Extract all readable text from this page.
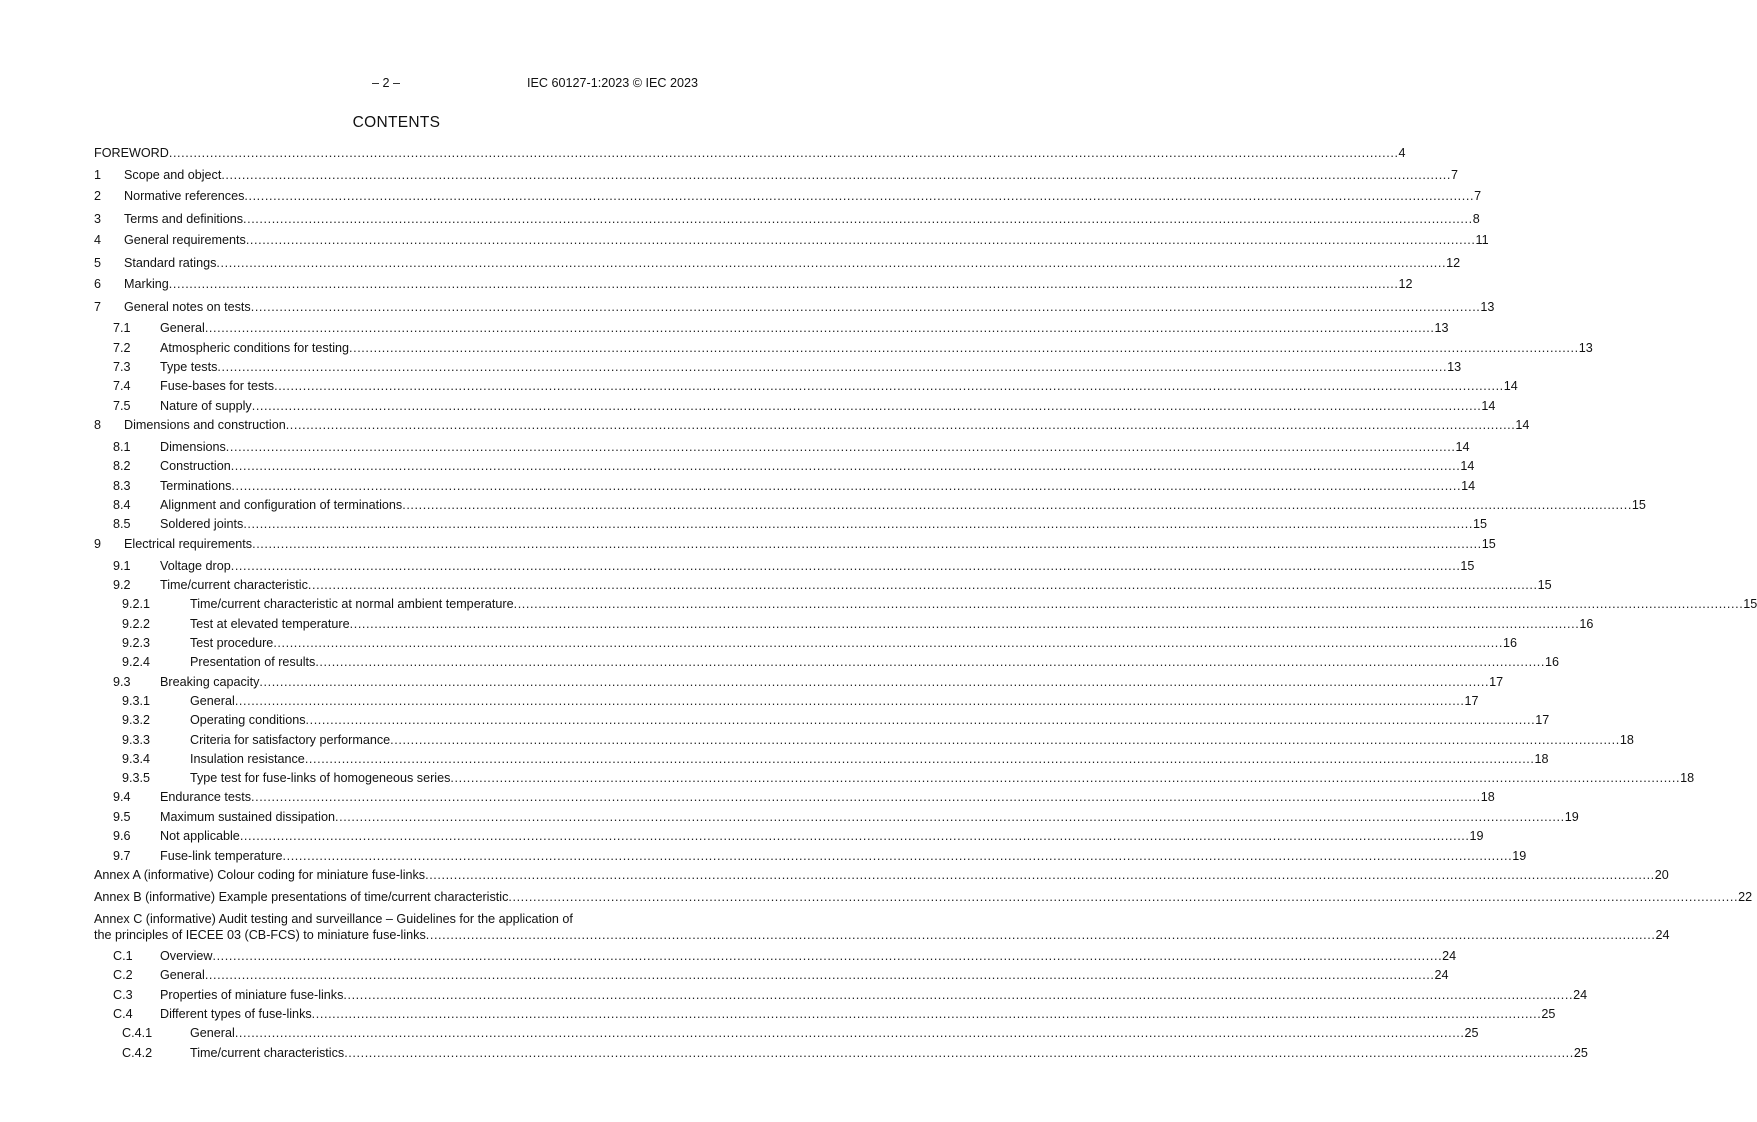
– 2 –	IEC 60127-1:2023 © IEC 2023
CONTENTS
FOREWORD ............................................................................................................................................................................................................................................................................................................ 4
1	Scope and object ............................................................................................................................................................................................................................................................................................................ 7
2	Normative references ............................................................................................................................................................................................................................................................................................................ 7
3	Terms and definitions ............................................................................................................................................................................................................................................................................................................ 8
4	General requirements ............................................................................................................................................................................................................................................................................................................ 11
5	Standard ratings ............................................................................................................................................................................................................................................................................................................ 12
6	Marking ............................................................................................................................................................................................................................................................................................................ 12
7	General notes on tests ............................................................................................................................................................................................................................................................................................................ 13
7.1	General ............................................................................................................................................................................................................................................................................................................ 13
7.2	Atmospheric conditions for testing ............................................................................................................................................................................................................................................................................................................ 13
7.3	Type tests ............................................................................................................................................................................................................................................................................................................ 13
7.4	Fuse-bases for tests ............................................................................................................................................................................................................................................................................................................ 14
7.5	Nature of supply ............................................................................................................................................................................................................................................................................................................ 14
8	Dimensions and construction ............................................................................................................................................................................................................................................................................................................ 14
8.1	Dimensions ............................................................................................................................................................................................................................................................................................................ 14
8.2	Construction ............................................................................................................................................................................................................................................................................................................ 14
8.3	Terminations ............................................................................................................................................................................................................................................................................................................ 14
8.4	Alignment and configuration of terminations ............................................................................................................................................................................................................................................................................................................ 15
8.5	Soldered joints ............................................................................................................................................................................................................................................................................................................ 15
9	Electrical requirements ............................................................................................................................................................................................................................................................................................................ 15
9.1	Voltage drop ............................................................................................................................................................................................................................................................................................................ 15
9.2	Time/current characteristic ............................................................................................................................................................................................................................................................................................................ 15
9.2.1	Time/current characteristic at normal ambient temperature ............................................................................................................................................................................................................................................................................................................ 15
9.2.2	Test at elevated temperature ............................................................................................................................................................................................................................................................................................................ 16
9.2.3	Test procedure ............................................................................................................................................................................................................................................................................................................ 16
9.2.4	Presentation of results ............................................................................................................................................................................................................................................................................................................ 16
9.3	Breaking capacity ............................................................................................................................................................................................................................................................................................................ 17
9.3.1	General ............................................................................................................................................................................................................................................................................................................ 17
9.3.2	Operating conditions ............................................................................................................................................................................................................................................................................................................ 17
9.3.3	Criteria for satisfactory performance ............................................................................................................................................................................................................................................................................................................ 18
9.3.4	Insulation resistance ............................................................................................................................................................................................................................................................................................................ 18
9.3.5	Type test for fuse-links of homogeneous series ............................................................................................................................................................................................................................................................................................................ 18
9.4	Endurance tests ............................................................................................................................................................................................................................................................................................................ 18
9.5	Maximum sustained dissipation ............................................................................................................................................................................................................................................................................................................ 19
9.6	Not applicable ............................................................................................................................................................................................................................................................................................................ 19
9.7	Fuse-link temperature ............................................................................................................................................................................................................................................................................................................ 19
Annex A (informative) Colour coding for miniature fuse-links ............................................................................................................................................................................................................................................................................................................ 20
Annex B (informative) Example presentations of time/current characteristic ............................................................................................................................................................................................................................................................................................................ 22
Annex C (informative) Audit testing and surveillance – Guidelines for the application of
the principles of IECEE 03 (CB-FCS) to miniature fuse-links ............................................................................................................................................................................................................................................................................................................ 24
C.1	Overview ............................................................................................................................................................................................................................................................................................................ 24
C.2	General ............................................................................................................................................................................................................................................................................................................ 24
C.3	Properties of miniature fuse-links ............................................................................................................................................................................................................................................................................................................ 24
C.4	Different types of fuse-links ............................................................................................................................................................................................................................................................................................................ 25
C.4.1	General ............................................................................................................................................................................................................................................................................................................ 25
C.4.2	Time/current characteristics ............................................................................................................................................................................................................................................................................................................ 25
